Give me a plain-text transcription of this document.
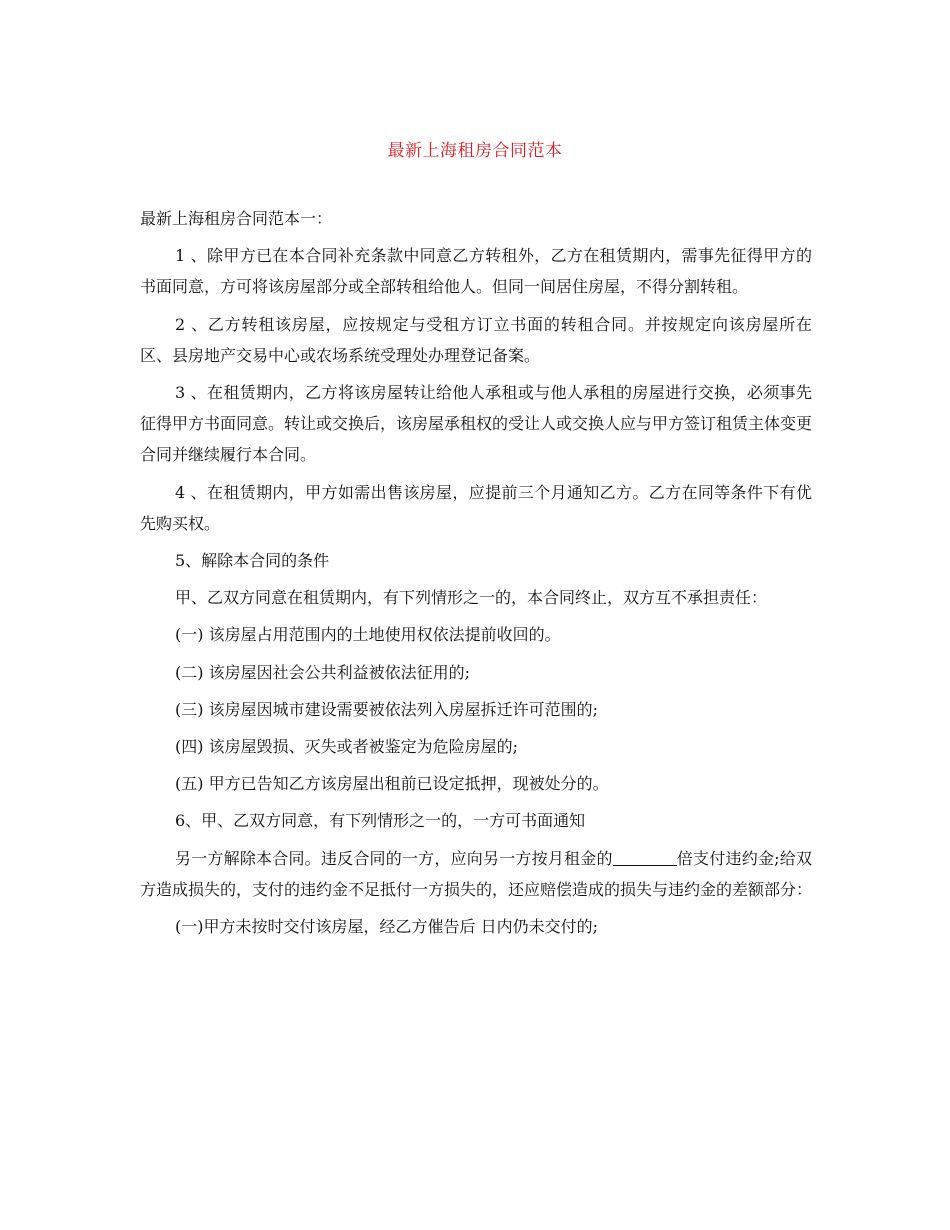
最新上海租房合同范本

最新上海租房合同范本一：

1 、除甲方已在本合同补充条款中同意乙方转租外，乙方在租赁期内，需事先征得甲方的书面同意，方可将该房屋部分或全部转租给他人。但同一间居住房屋，不得分割转租。

2 、乙方转租该房屋，应按规定与受租方订立书面的转租合同。并按规定向该房屋所在区、县房地产交易中心或农场系统受理处办理登记备案。

3 、在租赁期内，乙方将该房屋转让给他人承租或与他人承租的房屋进行交换，必须事先征得甲方书面同意。转让或交换后，该房屋承租权的受让人或交换人应与甲方签订租赁主体变更合同并继续履行本合同。

4 、在租赁期内，甲方如需出售该房屋，应提前三个月通知乙方。乙方在同等条件下有优先购买权。

5、解除本合同的条件

甲、乙双方同意在租赁期内，有下列情形之一的，本合同终止，双方互不承担责任：

(一) 该房屋占用范围内的土地使用权依法提前收回的。

(二) 该房屋因社会公共利益被依法征用的;

(三) 该房屋因城市建设需要被依法列入房屋拆迁许可范围的;

(四) 该房屋毁损、灭失或者被鉴定为危险房屋的;

(五) 甲方已告知乙方该房屋出租前已设定抵押，现被处分的。

6、甲、乙双方同意，有下列情形之一的，一方可书面通知

另一方解除本合同。违反合同的一方，应向另一方按月租金的	倍支付违约金;给双方造成损失的，支付的违约金不足抵付一方损失的，还应赔偿造成的损失与违约金的差额部分：

(一)甲方未按时交付该房屋，经乙方催告后 日内仍未交付的;
